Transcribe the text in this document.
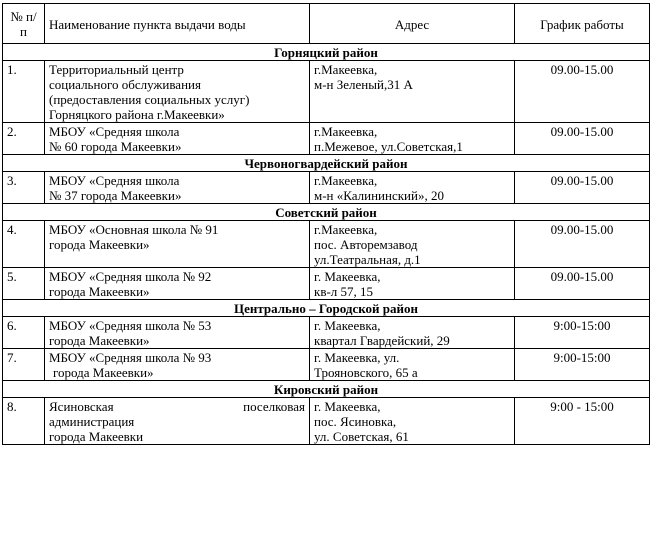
№ п/п	Наименование пункта выдачи воды	Адрес	График работы
Горняцкий район			
1.	Территориальный центр
социального обслуживания
(предоставления социальных услуг)
Горняцкого района г.Макеевки»	г.Макеевка,
м-н Зеленый,31 А	09.00-15.00
2.	МБОУ «Средняя школа
№ 60 города Макеевки»	г.Макеевка,
п.Межевое, ул.Советская,1	09.00-15.00
Червоногвардейский район			
3.	МБОУ «Средняя школа
№ 37 города Макеевки»	г.Макеевка,
м-н «Калининский», 20	09.00-15.00
Советский район			
4.	МБОУ «Основная школа № 91
города Макеевки»	г.Макеевка,
пос. Авторемзавод
ул.Театральная, д.1	09.00-15.00
5.	МБОУ «Средняя школа № 92
города Макеевки»	г. Макеевка,
кв-л 57, 15	09.00-15.00
Центрально – Городской район			
6.	МБОУ «Средняя школа № 53
города Макеевки»	г. Макеевка,
квартал Гвардейский, 29	9:00-15:00
7.	МБОУ «Средняя школа № 93
города Макеевки»	г. Макеевка, ул.
Трояновского, 65 а	9:00-15:00
Кировский район			
8.	Ясиновская поселковая
администрация
города Макеевки	г. Макеевка,
пос. Ясиновка,
ул. Советская, 61	9:00 - 15:00
